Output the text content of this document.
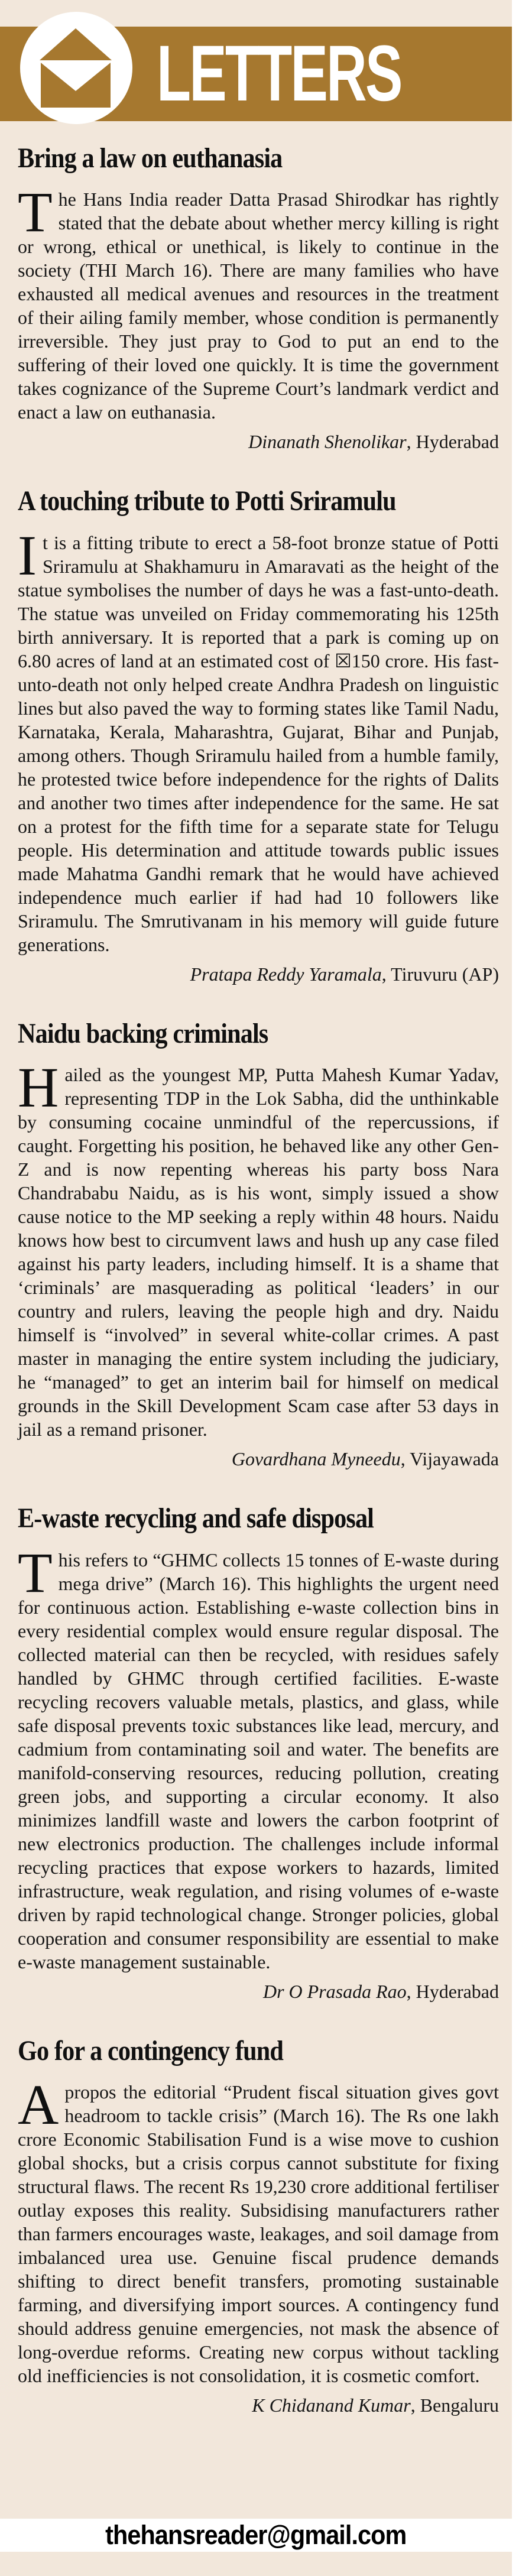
LETTERS
Bring a law on euthanasia

The Hans India reader Datta Prasad Shirodkar has rightly stated that the debate about whether mercy killing is right or wrong, ethical or unethical, is likely to continue in the society (THI March 16). There are many families who have exhausted all medical avenues and resources in the treatment of their ailing family member, whose condition is permanently irreversible. They just pray to God to put an end to the suffering of their loved one quickly. It is time the government takes cognizance of the Supreme Court’s landmark verdict and enact a law on euthanasia.

Dinanath Shenolikar , Hyderabad

A touching tribute to Potti Sriramulu

It is a fitting tribute to erect a 58-foot bronze statue of Potti Sriramulu at Shakhamuru in Amaravati as the height of the statue symbolises the number of days he was a fast-unto-death. The statue was unveiled on Friday commemorating his 125th birth anniversary. It is reported that a park is coming up on 6.80 acres of land at an estimated cost of ☒150 crore. His fast-unto-death not only helped create Andhra Pradesh on linguistic lines but also paved the way to forming states like Tamil Nadu, Karnataka, Kerala, Maharashtra, Gujarat, Bihar and Punjab, among others. Though Sriramulu hailed from a humble family, he protested twice before independence for the rights of Dalits and another two times after independence for the same. He sat on a protest for the fifth time for a separate state for Telugu people. His determination and attitude towards public issues made Mahatma Gandhi remark that he would have achieved independence much earlier if had had 10 followers like Sriramulu. The Smrutivanam in his memory will guide future generations.

Pratapa Reddy Yaramala , Tiruvuru (AP)

Naidu backing criminals

Hailed as the youngest MP, Putta Mahesh Kumar Yadav, representing TDP in the Lok Sabha, did the unthinkable by consuming cocaine unmindful of the repercussions, if caught. Forgetting his position, he behaved like any other Gen-Z and is now repenting whereas his party boss Nara Chandrababu Naidu, as is his wont, simply issued a show cause notice to the MP seeking a reply within 48 hours. Naidu knows how best to circumvent laws and hush up any case filed against his party leaders, including himself. It is a shame that ‘criminals’ are masquerading as political ‘leaders’ in our country and rulers, leaving the people high and dry. Naidu himself is “involved” in several white-collar crimes. A past master in managing the entire system including the judiciary, he “managed” to get an interim bail for himself on medical grounds in the Skill Development Scam case after 53 days in jail as a remand prisoner.

Govardhana Myneedu , Vijayawada

E-waste recycling and safe disposal

This refers to “GHMC collects 15 tonnes of E-waste during mega drive” (March 16). This highlights the urgent need for continuous action. Establishing e-waste collection bins in every residential complex would ensure regular disposal. The collected material can then be recycled, with residues safely handled by GHMC through certified facilities. E-waste recycling recovers valuable metals, plastics, and glass, while safe disposal prevents toxic substances like lead, mercury, and cadmium from contaminating soil and water. The benefits are manifold-conserving resources, reducing pollution, creating green jobs, and supporting a circular economy. It also minimizes landfill waste and lowers the carbon footprint of new electronics production. The challenges include informal recycling practices that expose workers to hazards, limited infrastructure, weak regulation, and rising volumes of e-waste driven by rapid technological change. Stronger policies, global cooperation and consumer responsibility are essential to make e-waste management sustainable.

Dr O Prasada Rao , Hyderabad

Go for a contingency fund

Apropos the editorial “Prudent fiscal situation gives govt headroom to tackle crisis” (March 16). The Rs one lakh crore Economic Stabilisation Fund is a wise move to cushion global shocks, but a crisis corpus cannot substitute for fixing structural flaws. The recent Rs 19,230 crore additional fertiliser outlay exposes this reality. Subsidising manufacturers rather than farmers encourages waste, leakages, and soil damage from imbalanced urea use. Genuine fiscal prudence demands shifting to direct benefit transfers, promoting sustainable farming, and diversifying import sources. A contingency fund should address genuine emergencies, not mask the absence of long-overdue reforms. Creating new corpus without tackling old inefficiencies is not consolidation, it is cosmetic comfort.

K Chidanand Kumar , Bengaluru

thehansreader@gmail.com
